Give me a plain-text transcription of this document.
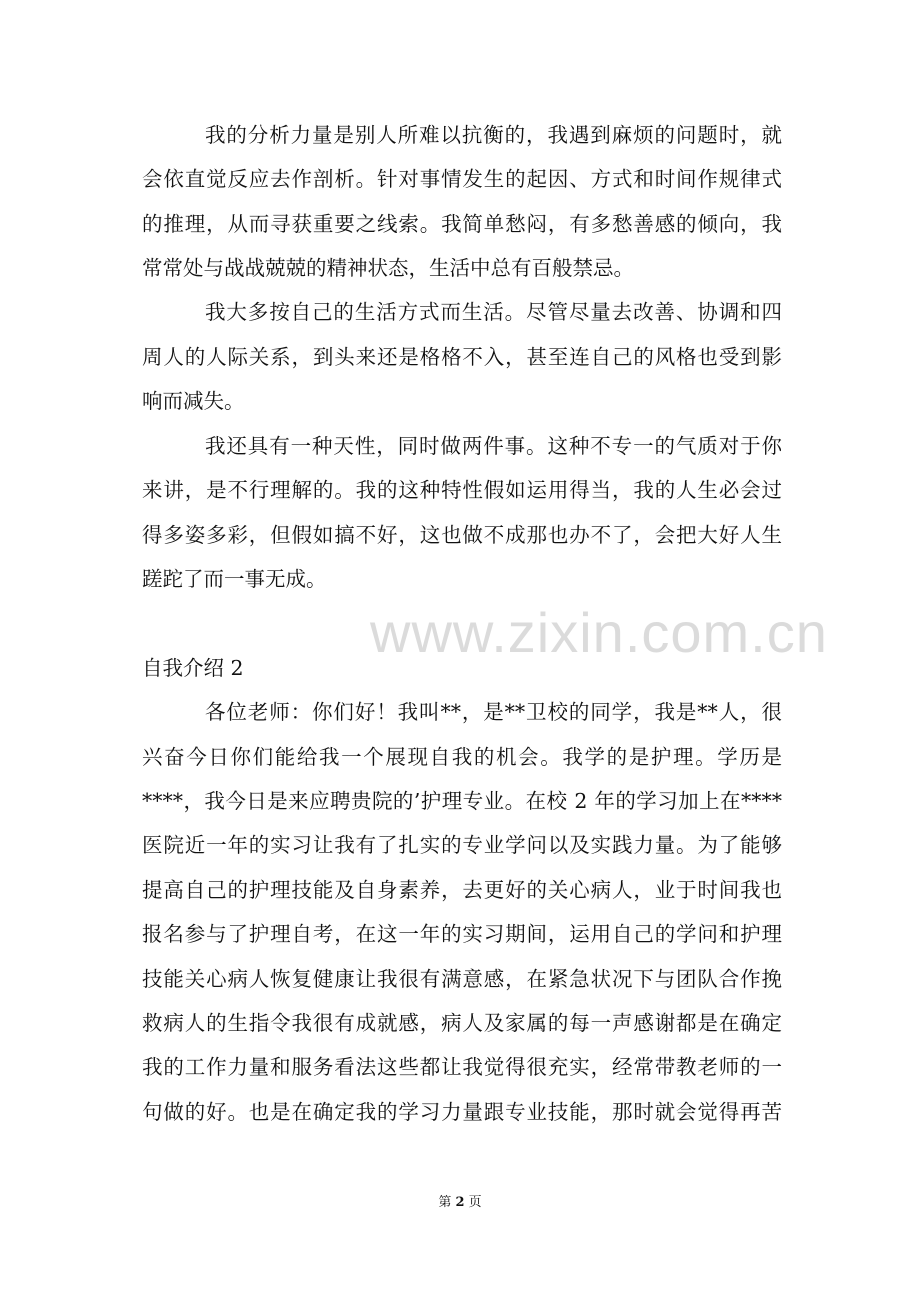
www.zixin.com.cn
我的分析力量是别人所难以抗衡的，我遇到麻烦的问题时，就
会依直觉反应去作剖析。针对事情发生的起因、方式和时间作规律式
的推理，从而寻获重要之线索。我简单愁闷，有多愁善感的倾向，我
常常处与战战兢兢的精神状态，生活中总有百般禁忌。
我大多按自己的生活方式而生活。尽管尽量去改善、协调和四
周人的人际关系，到头来还是格格不入，甚至连自己的风格也受到影
响而减失。
我还具有一种天性，同时做两件事。这种不专一的气质对于你
来讲，是不行理解的。我的这种特性假如运用得当，我的人生必会过
得多姿多彩，但假如搞不好，这也做不成那也办不了，会把大好人生
蹉跎了而一事无成。
自我介绍 2
各位老师：你们好！我叫**，是**卫校的同学，我是**人，很
兴奋今日你们能给我一个展现自我的机会。我学的是护理。学历是
****，我今日是来应聘贵院的’护理专业。在校 2 年的学习加上在****
医院近一年的实习让我有了扎实的专业学问以及实践力量。为了能够
提高自己的护理技能及自身素养，去更好的关心病人，业于时间我也
报名参与了护理自考，在这一年的实习期间，运用自己的学问和护理
技能关心病人恢复健康让我很有满意感，在紧急状况下与团队合作挽
救病人的生指令我很有成就感，病人及家属的每一声感谢都是在确定
我的工作力量和服务看法这些都让我觉得很充实，经常带教老师的一
句做的好。也是在确定我的学习力量跟专业技能，那时就会觉得再苦
第 2 页
